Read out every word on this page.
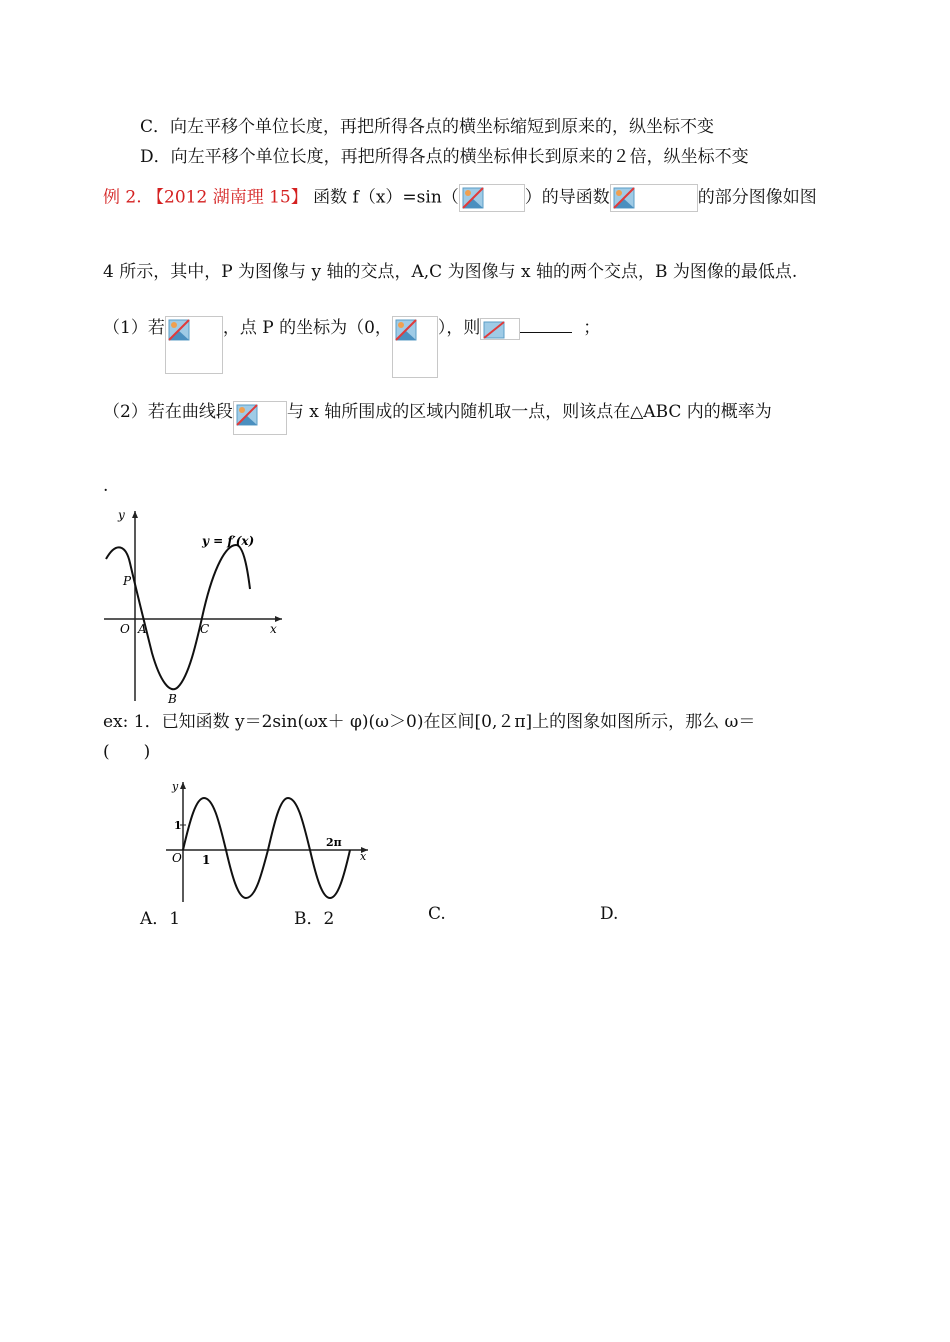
C．向左平移个单位长度，再把所得各点的横坐标缩短到原来的，纵坐标不变
D．向左平移个单位长度，再把所得各点的横坐标伸长到原来的２倍，纵坐标不变
例 2. 【2012 湖南理 15】 函数 f（x）=sin（	）的导函数	的部分图像如图
4 所示，其中，P 为图像与 y 轴的交点，A,C 为图像与 x 轴的两个交点，B 为图像的最低点.
（1）若	，点 P 的坐标为（0，	），则	；
（2）若在曲线段	与 x 轴所围成的区域内随机取一点，则该点在△ABC 内的概率为
.
y
x
y = f′(x)
O
P
A
B
C
ex: 1．已知函数 y＝2sin(ωx＋ φ)(ω＞0)在区间[0,２π]上的图象如图所示，那么 ω＝
(　　)
y
x
O
1
1
2π
A．1	B．2	C.	D.
